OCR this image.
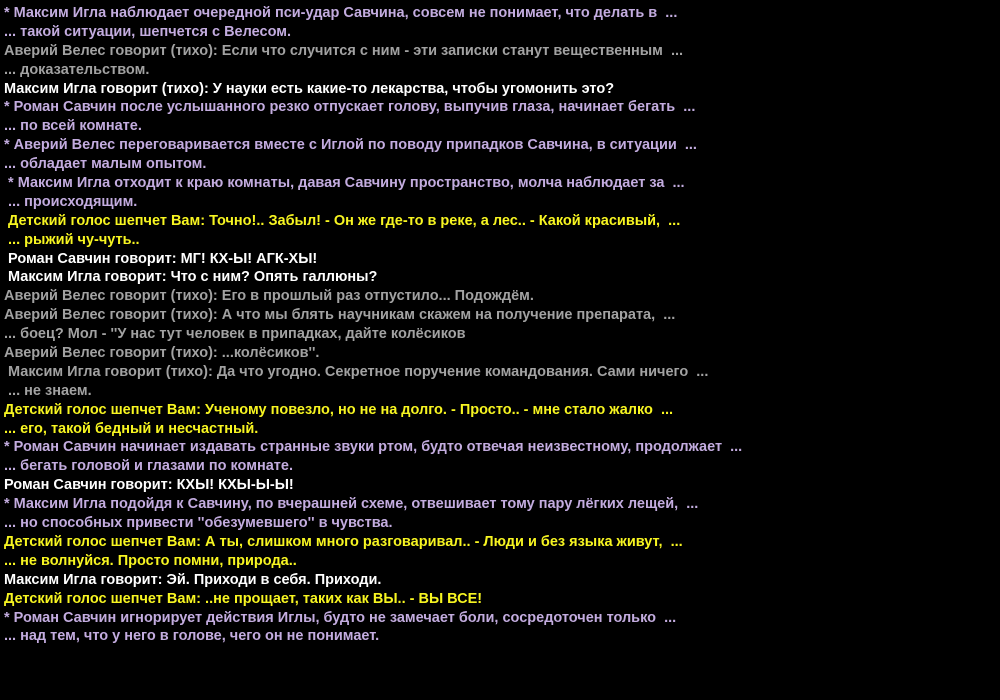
* Максим Игла наблюдает очередной пси-удар Савчина, совсем не понимает, что делать в  ...
... такой ситуации, шепчется с Велесом.
Аверий Велес говорит (тихо): Если что случится с ним - эти записки станут вещественным  ...
... доказательством.
Максим Игла говорит (тихо): У науки есть какие-то лекарства, чтобы угомонить это?
* Роман Савчин после услышанного резко отпускает голову, выпучив глаза, начинает бегать  ...
... по всей комнате.
* Аверий Велес переговаривается вместе с Иглой по поводу припадков Савчина, в ситуации  ...
... обладает малым опытом.
* Максим Игла отходит к краю комнаты, давая Савчину пространство, молча наблюдает за  ...
... происходящим.
Детский голос шепчет Вам: Точно!.. Забыл! - Он же где-то в реке, а лес.. - Какой красивый,  ...
... рыжий чу-чуть..
Роман Савчин говорит: МГ! КХ-Ы! АГК-ХЫ!
Максим Игла говорит: Что с ним? Опять галлюны?
Аверий Велес говорит (тихо): Его в прошлый раз отпустило... Подождём.
Аверий Велес говорит (тихо): А что мы блять научникам скажем на получение препарата,  ...
... боец? Мол - ''У нас тут человек в припадках, дайте колёсиков
Аверий Велес говорит (тихо): ...колёсиков''.
Максим Игла говорит (тихо): Да что угодно. Секретное поручение командования. Сами ничего  ...
... не знаем.
Детский голос шепчет Вам: Ученому повезло, но не на долго. - Просто.. - мне стало жалко  ...
... его, такой бедный и несчастный.
* Роман Савчин начинает издавать странные звуки ртом, будто отвечая неизвестному, продолжает  ...
... бегать головой и глазами по комнате.
Роман Савчин говорит: КХЫ! КХЫ-Ы-Ы!
* Максим Игла подойдя к Савчину, по вчерашней схеме, отвешивает тому пару лёгких лещей,  ...
... но способных привести ''обезумевшего'' в чувства.
Детский голос шепчет Вам: А ты, слишком много разговаривал.. - Люди и без языка живут,  ...
... не волнуйся. Просто помни, природа..
Максим Игла говорит: Эй. Приходи в себя. Приходи.
Детский голос шепчет Вам: ..не прощает, таких как ВЫ.. - ВЫ ВСЕ!
* Роман Савчин игнорирует действия Иглы, будто не замечает боли, сосредоточен только  ...
... над тем, что у него в голове, чего он не понимает.
